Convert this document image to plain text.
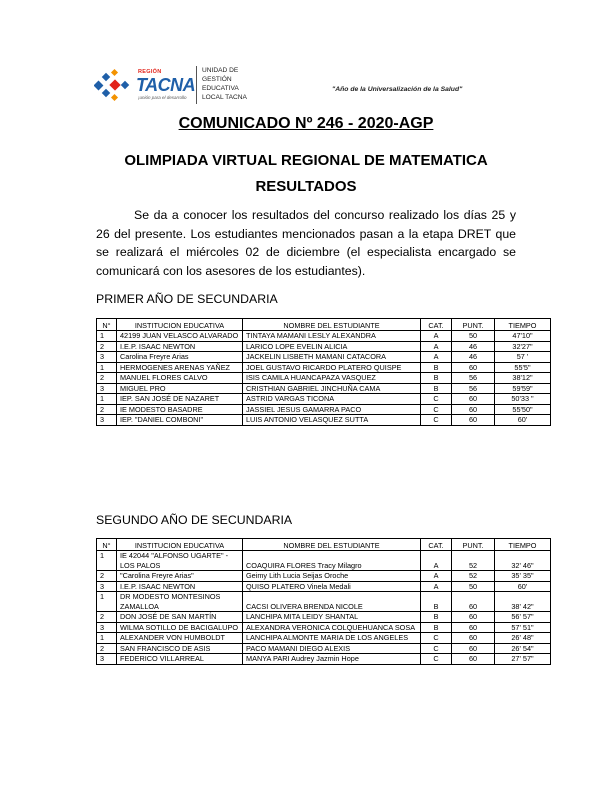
REGIÓN
TACNA
¡unión para el desarrollo
UNIDAD DE
GESTIÓN
EDUCATIVA
LOCAL TACNA
"Año de la Universalización de la Salud"
COMUNICADO Nº 246 - 2020-AGP
OLIMPIADA VIRTUAL REGIONAL DE MATEMATICA
RESULTADOS
Se da a conocer los resultados del concurso realizado los días 25 y 26 del presente. Los estudiantes mencionados pasan a la etapa DRET que se realizará el miércoles 02 de diciembre (el especialista encargado se comunicará con los asesores de los estudiantes).
PRIMER AÑO DE SECUNDARIA
N°	INSTITUCION EDUCATIVA	NOMBRE DEL ESTUDIANTE	CAT.	PUNT.	TIEMPO
1	42199 JUAN VELASCO ALVARADO	TINTAYA MAMANI LESLY ALEXANDRA	A	50	47'10"
2	I.E.P. ISAAC NEWTON	LARICO LOPE EVELIN ALICIA	A	46	32'27"
3	Carolina Freyre Arias	JACKELIN LISBETH MAMANI CATACORA	A	46	57 '
1	HERMOGENES ARENAS YAÑEZ	JOEL GUSTAVO RICARDO PLATERO QUISPE	B	60	55'5"
2	MANUEL FLORES CALVO	ISIS CAMILA HUANCAPAZA VASQUEZ	B	56	38'12"
3	MIGUEL PRO	CRISTHIAN GABRIEL JINCHUÑA CAMA	B	56	59'59"
1	IEP. SAN JOSÉ DE NAZARET	ASTRID VARGAS TICONA	C	60	50'33 "
2	IE MODESTO BASADRE	JASSIEL JESUS GAMARRA PACO	C	60	55'50"
3	IEP. "DANIEL COMBONI"	LUIS ANTONIO VELASQUEZ SUTTA	C	60	60'
SEGUNDO AÑO DE SECUNDARIA
N°	INSTITUCION EDUCATIVA	NOMBRE DEL ESTUDIANTE	CAT.	PUNT.	TIEMPO
1	IE 42044 "ALFONSO UGARTE" - LOS PALOS	COAQUIRA FLORES Tracy Milagro	A	52	32' 46"
2	"Carolina Freyre Arias"	Geimy Lith Lucia Seijas Oroche	A	52	35' 35"
3	I.E.P. ISAAC NEWTON	QUISO PLATERO Vinela Medali	A	50	60'
1	DR MODESTO MONTESINOS ZAMALLOA	CACSI OLIVERA BRENDA NICOLE	B	60	38' 42"
2	DON JOSÉ DE SAN MARTÍN	LANCHIPA MITA LEIDY SHANTAL	B	60	56' 57"
3	WILMA SOTILLO DE BACIGALUPO	ALEXANDRA VERONICA COLQUEHUANCA SOSA	B	60	57' 51"
1	ALEXANDER VON HUMBOLDT	LANCHIPA ALMONTE MARIA DE LOS ANGELES	C	60	26' 48"
2	SAN FRANCISCO DE ASIS	PACO MAMANI DIEGO ALEXIS	C	60	26' 54"
3	FEDERICO VILLARREAL	MANYA PARI Audrey Jazmin Hope	C	60	27' 57"
